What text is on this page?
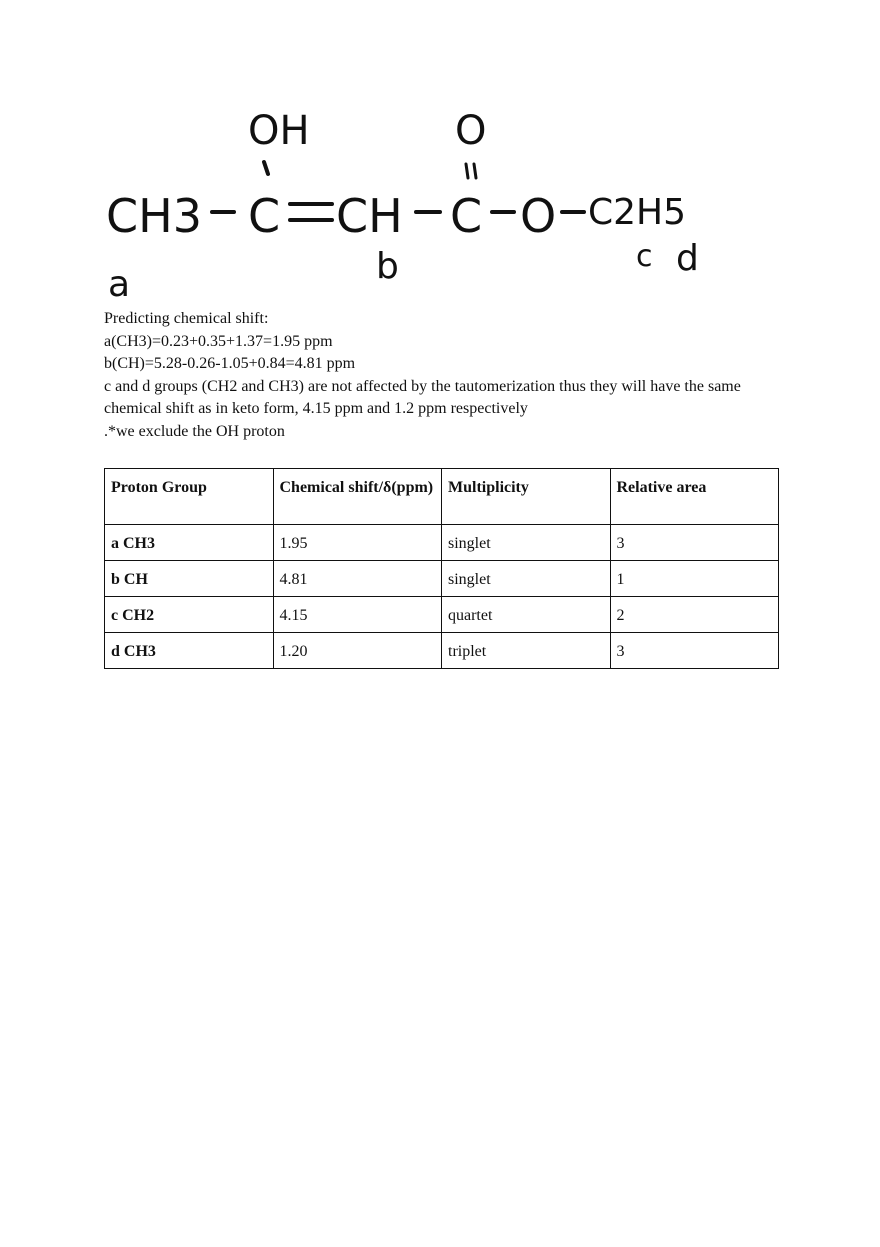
OH	O
CH3 C CH C O C2H5
a	b	c d

Predicting chemical shift:

a(CH3)=0.23+0.35+1.37=1.95 ppm

b(CH)=5.28-0.26-1.05+0.84=4.81 ppm

c and d groups (CH2 and CH3) are not affected by the tautomerization thus they will have the same chemical shift as in keto form, 4.15 ppm and 1.2 ppm respectively

.*we exclude the OH proton

Proton Group	Chemical shift/δ(ppm)	Multiplicity	Relative area
a CH3	1.95	singlet	3
b CH	4.81	singlet	1
c CH2	4.15	quartet	2
d CH3	1.20	triplet	3
